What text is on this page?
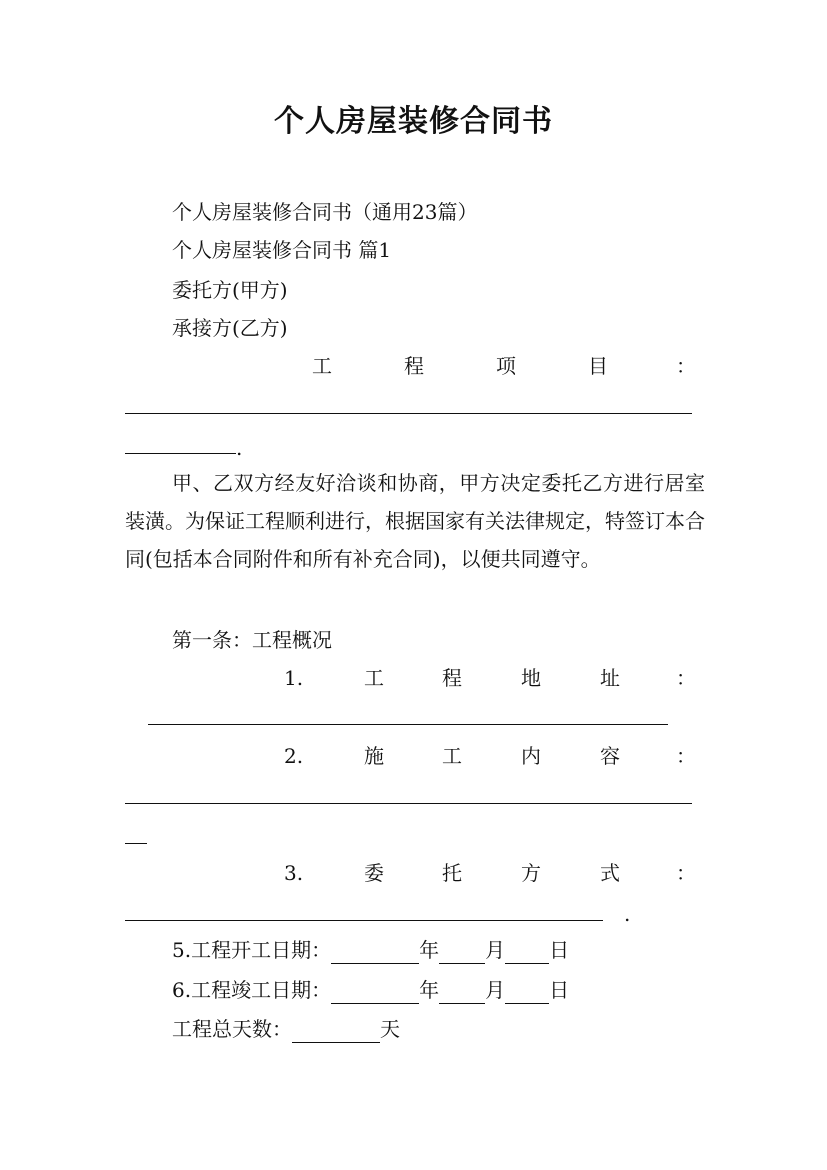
个人房屋装修合同书
个人房屋装修合同书（通用23篇）
个人房屋装修合同书 篇1
委托方(甲方)
承接方(乙方)
工	程	项	目	：
.
甲、乙双方经友好洽谈和协商，甲方决定委托乙方进行居室装潢。为保证工程顺利进行，根据国家有关法律规定，特签订本合同(包括本合同附件和所有补充合同)，以便共同遵守。
第一条：工程概况
1.	工	程	地	址	：
2.	施	工	内	容	：
3.	委	托	方	式	：
.
5.工程开工日期：	年 月 日
6.工程竣工日期：	年 月 日
工程总天数：	天
